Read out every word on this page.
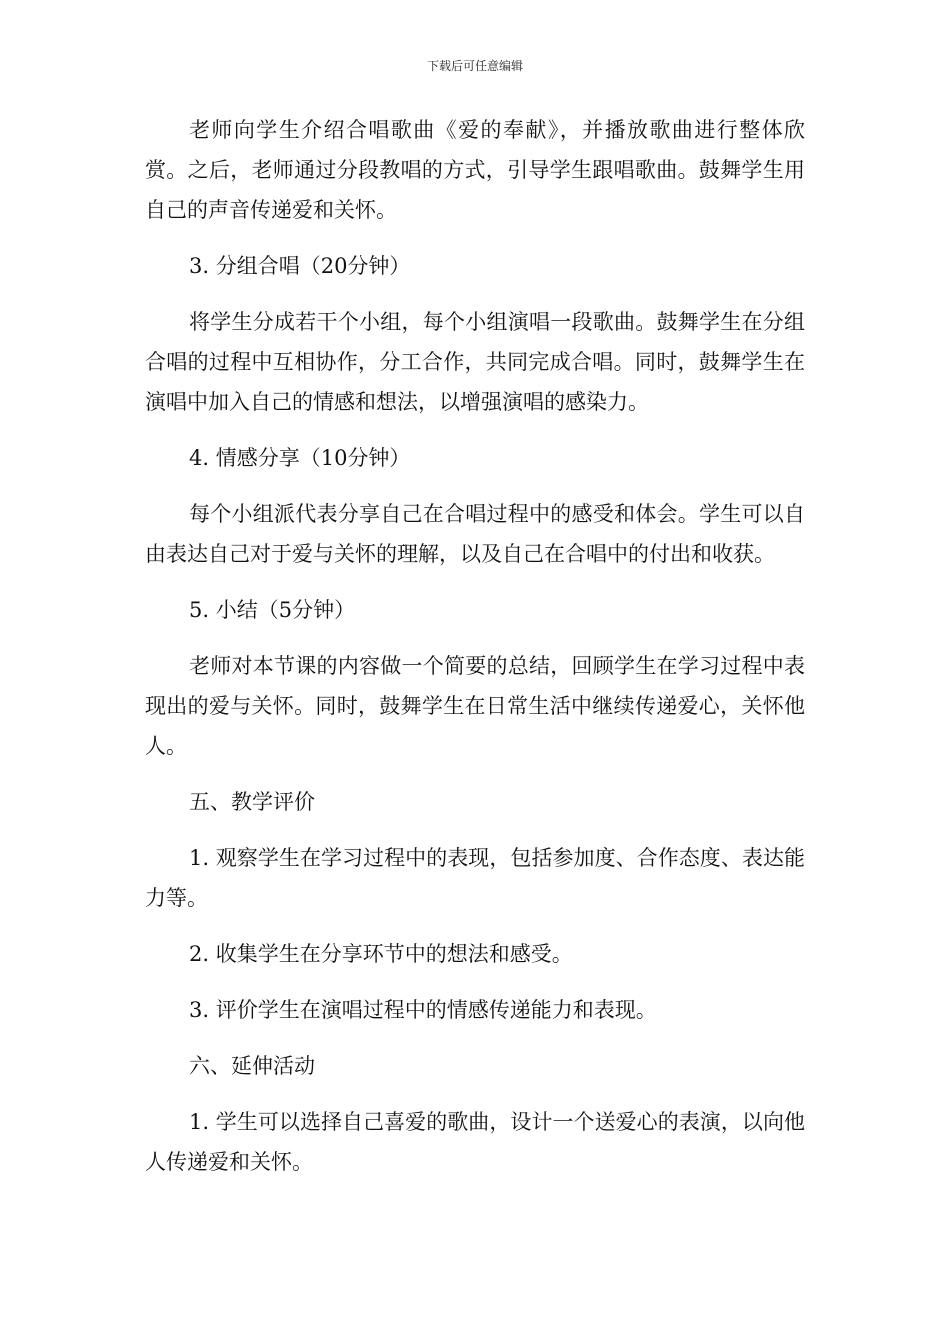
下载后可任意编辑

老师向学生介绍合唱歌曲《爱的奉献》，并播放歌曲进行整体欣赏。之后，老师通过分段教唱的方式，引导学生跟唱歌曲。鼓舞学生用自己的声音传递爱和关怀。

3. 分组合唱（20分钟）

将学生分成若干个小组，每个小组演唱一段歌曲。鼓舞学生在分组合唱的过程中互相协作，分工合作，共同完成合唱。同时，鼓舞学生在演唱中加入自己的情感和想法，以增强演唱的感染力。

4. 情感分享（10分钟）

每个小组派代表分享自己在合唱过程中的感受和体会。学生可以自由表达自己对于爱与关怀的理解，以及自己在合唱中的付出和收获。

5. 小结（5分钟）

老师对本节课的内容做一个简要的总结，回顾学生在学习过程中表现出的爱与关怀。同时，鼓舞学生在日常生活中继续传递爱心，关怀他人。

五、教学评价

1. 观察学生在学习过程中的表现，包括参加度、合作态度、表达能力等。

2. 收集学生在分享环节中的想法和感受。

3. 评价学生在演唱过程中的情感传递能力和表现。

六、延伸活动

1. 学生可以选择自己喜爱的歌曲，设计一个送爱心的表演，以向他人传递爱和关怀。
